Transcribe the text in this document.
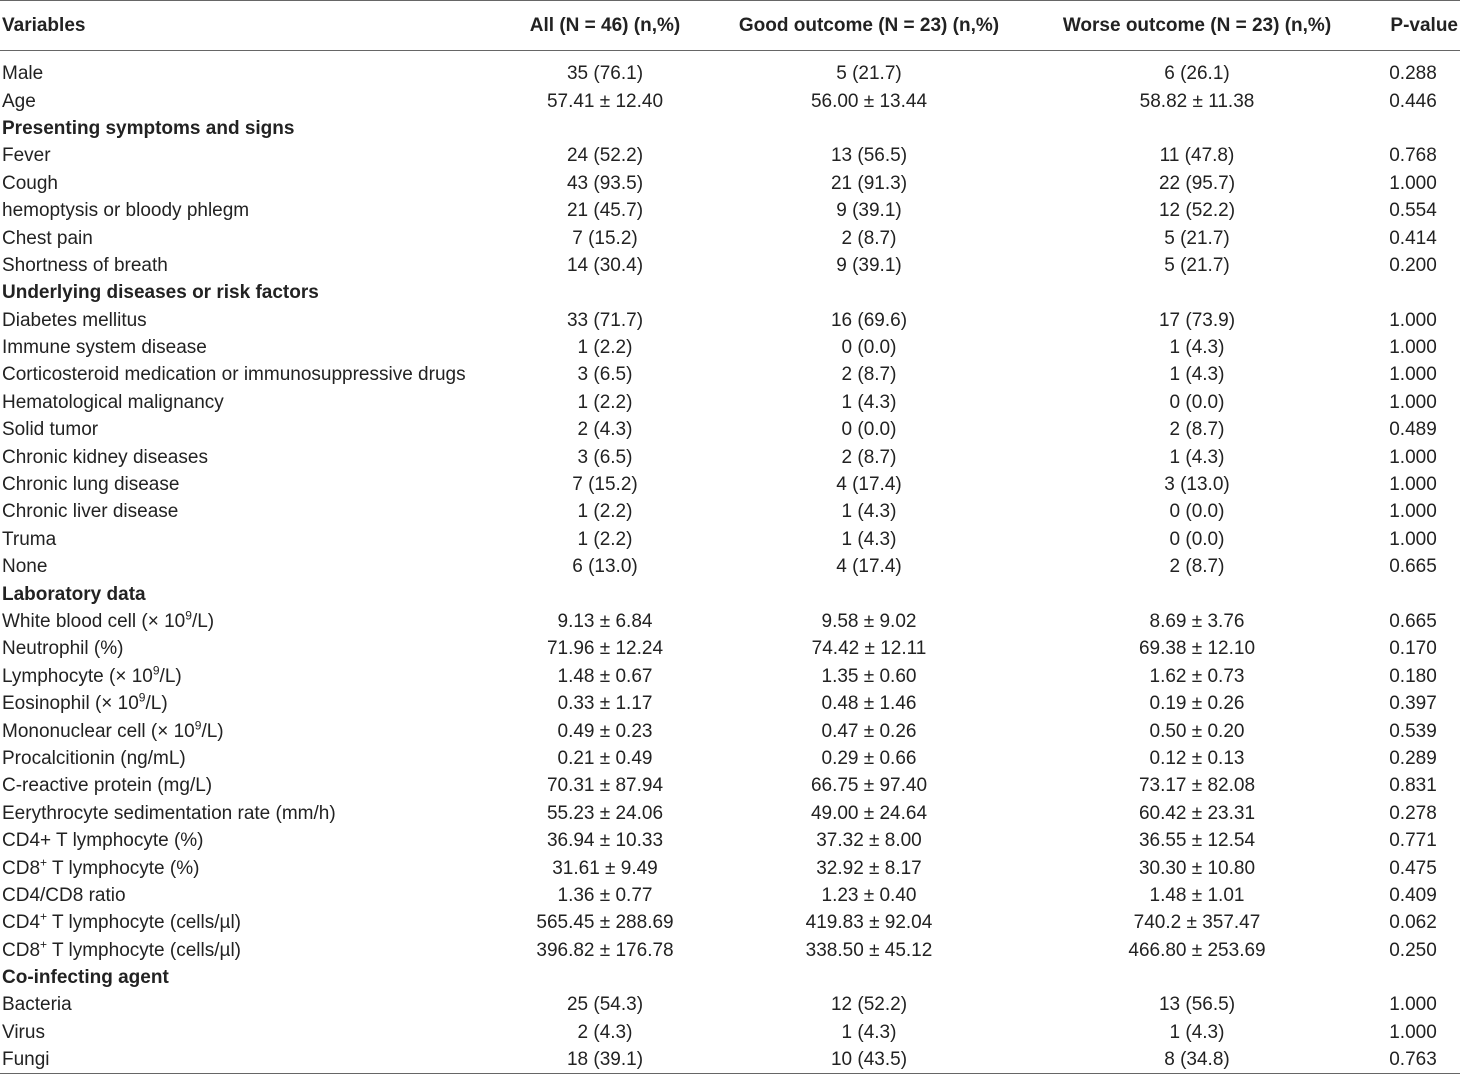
Variables	All (N = 46) (n,%)	Good outcome (N = 23) (n,%)	Worse outcome (N = 23) (n,%)	P-value

Male	35 (76.1)	5 (21.7)	6 (26.1)	0.288
Age	57.41 ± 12.40	56.00 ± 13.44	58.82 ± 11.38	0.446
Presenting symptoms and signs				
Fever	24 (52.2)	13 (56.5)	11 (47.8)	0.768
Cough	43 (93.5)	21 (91.3)	22 (95.7)	1.000
hemoptysis or bloody phlegm	21 (45.7)	9 (39.1)	12 (52.2)	0.554
Chest pain	7 (15.2)	2 (8.7)	5 (21.7)	0.414
Shortness of breath	14 (30.4)	9 (39.1)	5 (21.7)	0.200
Underlying diseases or risk factors				
Diabetes mellitus	33 (71.7)	16 (69.6)	17 (73.9)	1.000
Immune system disease	1 (2.2)	0 (0.0)	1 (4.3)	1.000
Corticosteroid medication or immunosuppressive drugs	3 (6.5)	2 (8.7)	1 (4.3)	1.000
Hematological malignancy	1 (2.2)	1 (4.3)	0 (0.0)	1.000
Solid tumor	2 (4.3)	0 (0.0)	2 (8.7)	0.489
Chronic kidney diseases	3 (6.5)	2 (8.7)	1 (4.3)	1.000
Chronic lung disease	7 (15.2)	4 (17.4)	3 (13.0)	1.000
Chronic liver disease	1 (2.2)	1 (4.3)	0 (0.0)	1.000
Truma	1 (2.2)	1 (4.3)	0 (0.0)	1.000
None	6 (13.0)	4 (17.4)	2 (8.7)	0.665
Laboratory data				
White blood cell (× $10^9/L$)	9.13 ± 6.84	9.58 ± 9.02	8.69 ± 3.76	0.665
Neutrophil (%)	71.96 ± 12.24	74.42 ± 12.11	69.38 ± 12.10	0.170
Lymphocyte (× $10^9/L$)	1.48 ± 0.67	1.35 ± 0.60	1.62 ± 0.73	0.180
Eosinophil (× $10^9/L$)	0.33 ± 1.17	0.48 ± 1.46	0.19 ± 0.26	0.397
Mononuclear cell (× $10^9/L$)	0.49 ± 0.23	0.47 ± 0.26	0.50 ± 0.20	0.539
Procalcitionin (ng/mL)	0.21 ± 0.49	0.29 ± 0.66	0.12 ± 0.13	0.289
C-reactive protein (mg/L)	70.31 ± 87.94	66.75 ± 97.40	73.17 ± 82.08	0.831
Eerythrocyte sedimentation rate (mm/h)	55.23 ± 24.06	49.00 ± 24.64	60.42 ± 23.31	0.278
CD4+ T lymphocyte (%)	36.94 ± 10.33	37.32 ± 8.00	36.55 ± 12.54	0.771
CD8+ T lymphocyte (%)	31.61 ± 9.49	32.92 ± 8.17	30.30 ± 10.80	0.475
CD4/CD8 ratio	1.36 ± 0.77	1.23 ± 0.40	1.48 ± 1.01	0.409
CD4+ T lymphocyte (cells/µl)	565.45 ± 288.69	419.83 ± 92.04	740.2 ± 357.47	0.062
CD8+ T lymphocyte (cells/µl)	396.82 ± 176.78	338.50 ± 45.12	466.80 ± 253.69	0.250
Co-infecting agent				
Bacteria	25 (54.3)	12 (52.2)	13 (56.5)	1.000
Virus	2 (4.3)	1 (4.3)	1 (4.3)	1.000
Fungi	18 (39.1)	10 (43.5)	8 (34.8)	0.763
